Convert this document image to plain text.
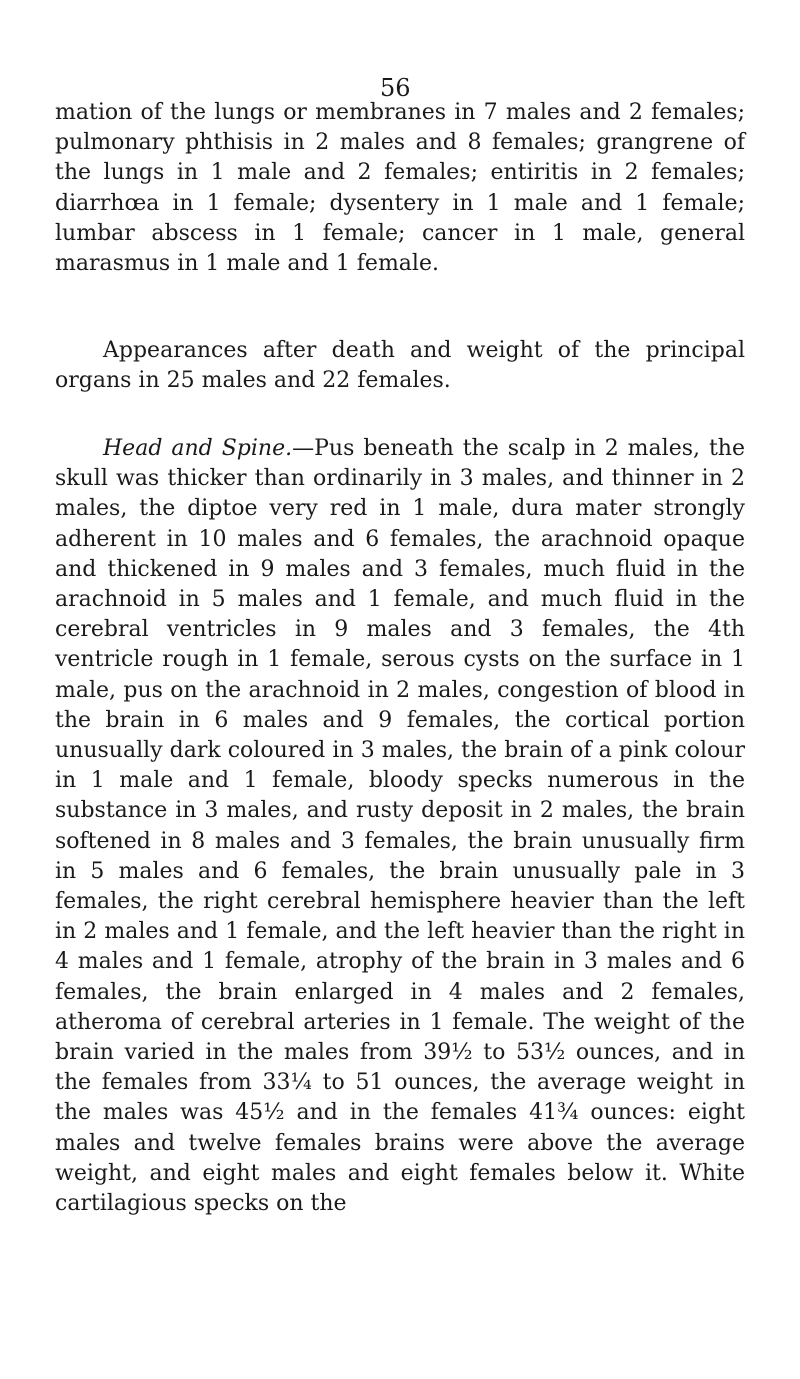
56

mation of the lungs or membranes in 7 males and 2 females; pulmonary phthisis in 2 males and 8 females; grangrene of the lungs in 1 male and 2 females; entiritis in 2 females; diarrhœa in 1 female; dysentery in 1 male and 1 female; lumbar abscess in 1 female; cancer in 1 male, general marasmus in 1 male and 1 female.

Appearances after death and weight of the principal organs in 25 males and 22 females.

Head and Spine.—Pus beneath the scalp in 2 males, the skull was thicker than ordinarily in 3 males, and thinner in 2 males, the diptoe very red in 1 male, dura mater strongly adherent in 10 males and 6 females, the arachnoid opaque and thickened in 9 males and 3 females, much fluid in the arachnoid in 5 males and 1 female, and much fluid in the cerebral ventricles in 9 males and 3 females, the 4th ventricle rough in 1 female, serous cysts on the surface in 1 male, pus on the arachnoid in 2 males, congestion of blood in the brain in 6 males and 9 females, the cortical portion unusually dark coloured in 3 males, the brain of a pink colour in 1 male and 1 female, bloody specks numerous in the substance in 3 males, and rusty deposit in 2 males, the brain softened in 8 males and 3 females, the brain unusually firm in 5 males and 6 females, the brain unusually pale in 3 females, the right cerebral hemisphere heavier than the left in 2 males and 1 female, and the left heavier than the right in 4 males and 1 female, atrophy of the brain in 3 males and 6 females, the brain enlarged in 4 males and 2 females, atheroma of cerebral arteries in 1 female. The weight of the brain varied in the males from 39½ to 53½ ounces, and in the females from 33¼ to 51 ounces, the average weight in the males was 45½ and in the females 41¾ ounces: eight males and twelve females brains were above the average weight, and eight males and eight females below it. White cartilagious specks on the
